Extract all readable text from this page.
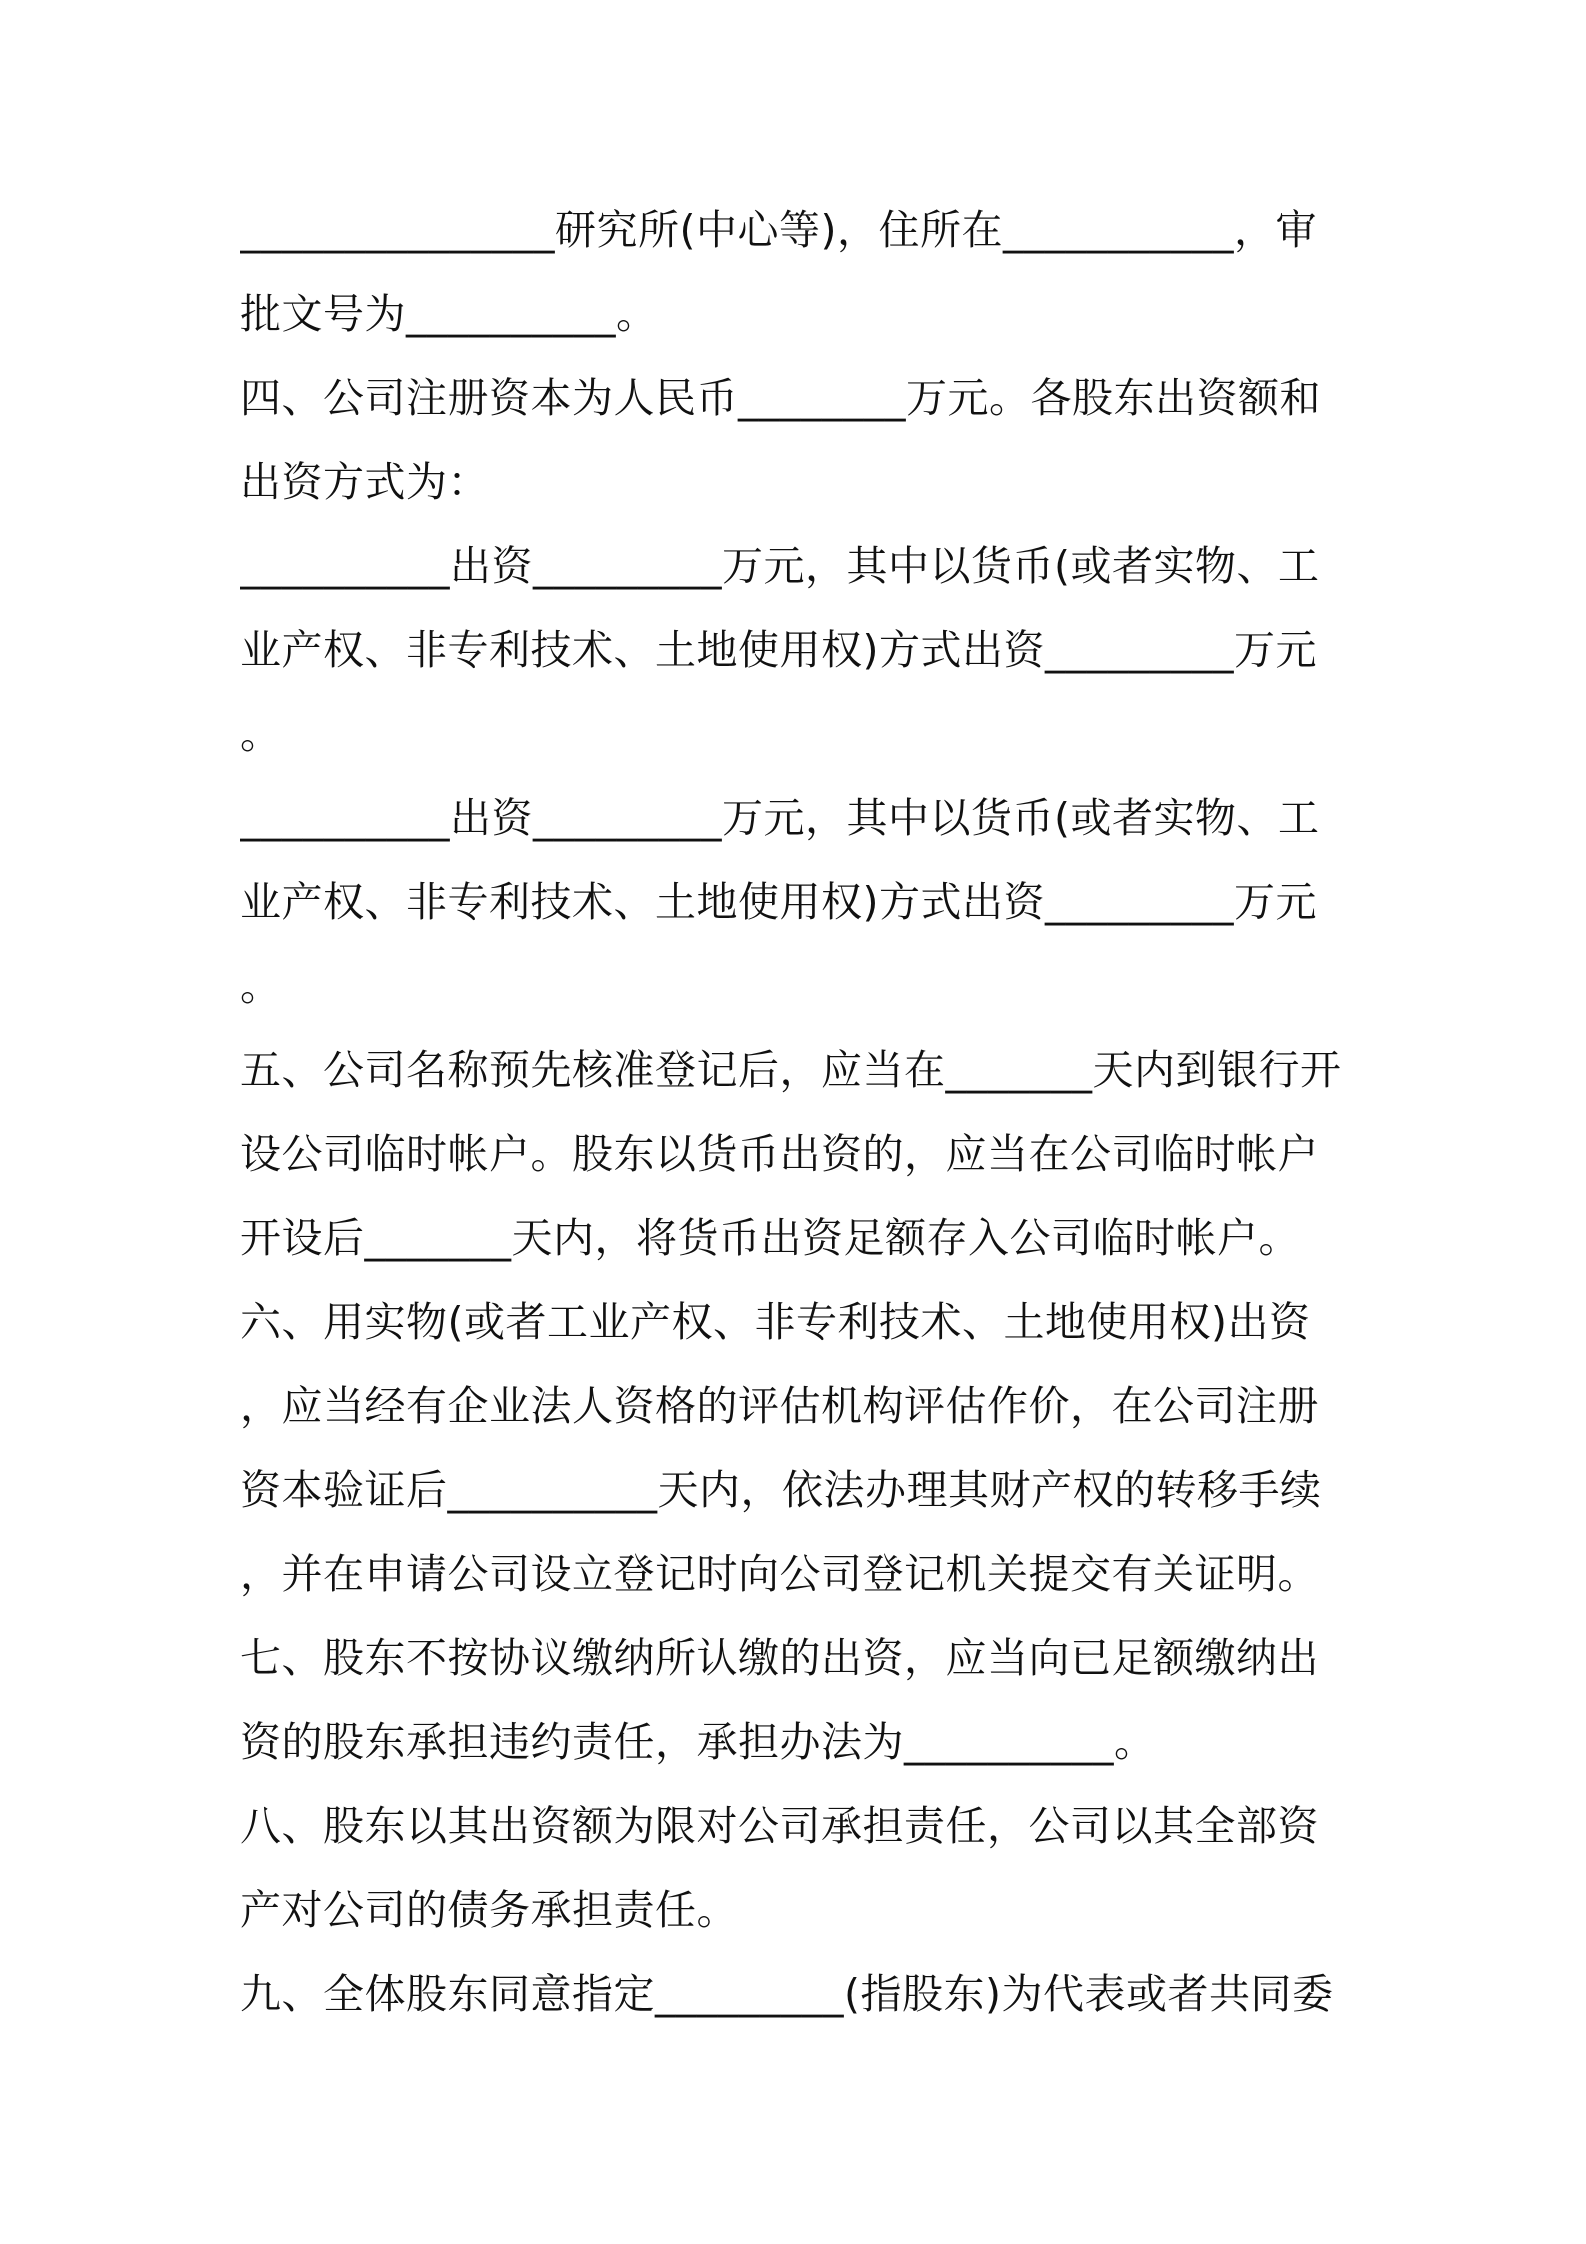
_______________研究所(中心等)，住所在___________，审
批文号为__________。
四、公司注册资本为人民币________万元。各股东出资额和
出资方式为：
__________出资_________万元，其中以货币(或者实物、工
业产权、非专利技术、土地使用权)方式出资_________万元
。
__________出资_________万元，其中以货币(或者实物、工
业产权、非专利技术、土地使用权)方式出资_________万元
。
五、公司名称预先核准登记后，应当在_______天内到银行开
设公司临时帐户。股东以货币出资的，应当在公司临时帐户
开设后_______天内，将货币出资足额存入公司临时帐户。
六、用实物(或者工业产权、非专利技术、土地使用权)出资
，应当经有企业法人资格的评估机构评估作价，在公司注册
资本验证后__________天内，依法办理其财产权的转移手续
，并在申请公司设立登记时向公司登记机关提交有关证明。
七、股东不按协议缴纳所认缴的出资，应当向已足额缴纳出
资的股东承担违约责任，承担办法为__________。
八、股东以其出资额为限对公司承担责任，公司以其全部资
产对公司的债务承担责任。
九、全体股东同意指定_________(指股东)为代表或者共同委
